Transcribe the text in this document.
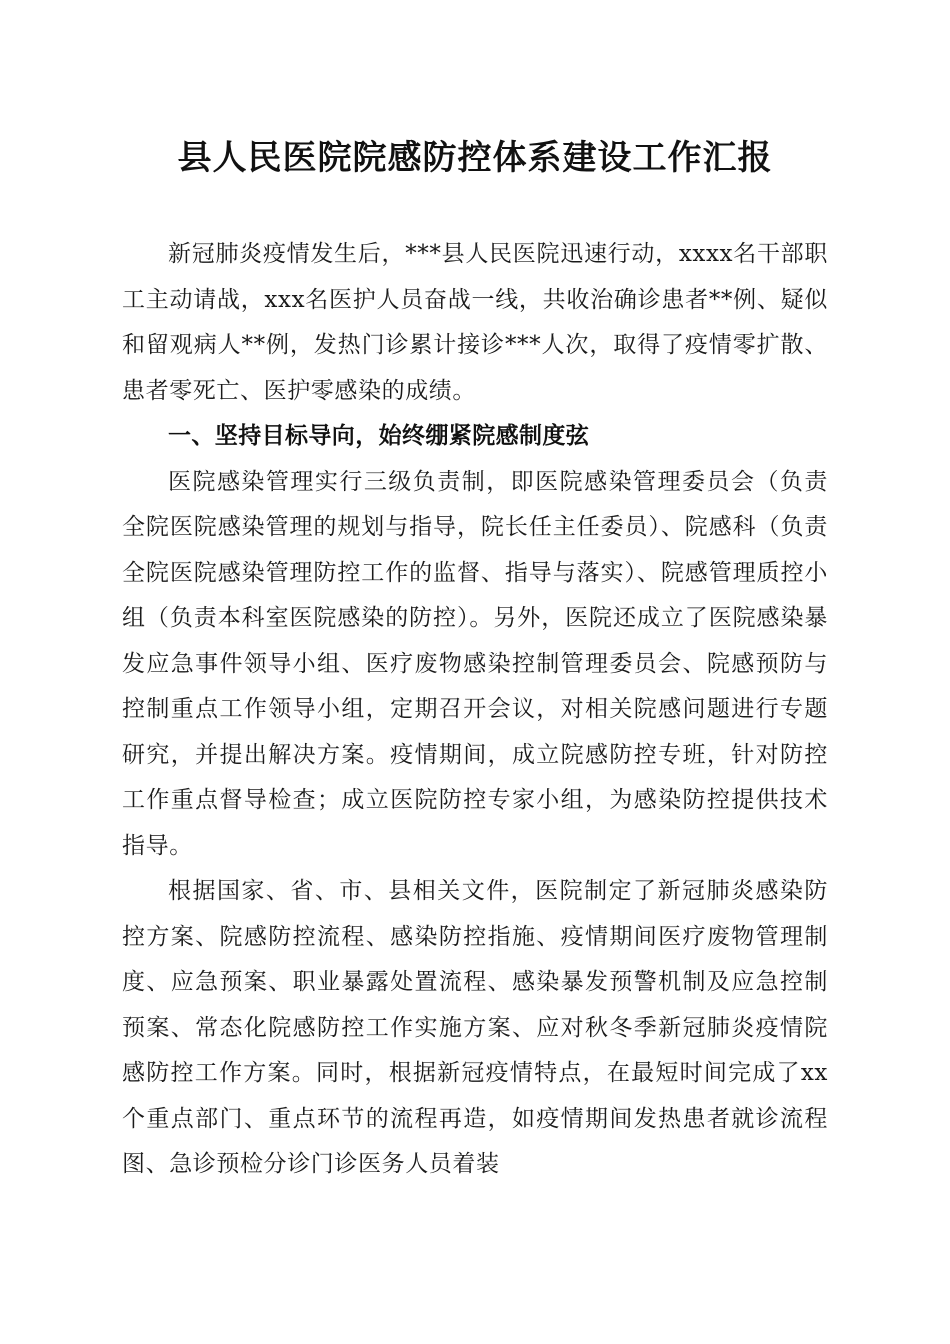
县人民医院院感防控体系建设工作汇报

新冠肺炎疫情发生后，***县人民医院迅速行动，xxxx名干部职工主动请战，xxx名医护人员奋战一线，共收治确诊患者**例、疑似和留观病人**例，发热门诊累计接诊***人次，取得了疫情零扩散、患者零死亡、医护零感染的成绩。

一、坚持目标导向，始终绷紧院感制度弦

医院感染管理实行三级负责制，即医院感染管理委员会（负责全院医院感染管理的规划与指导，院长任主任委员）、院感科（负责全院医院感染管理防控工作的监督、指导与落实）、院感管理质控小组（负责本科室医院感染的防控）。另外，医院还成立了医院感染暴发应急事件领导小组、医疗废物感染控制管理委员会、院感预防与控制重点工作领导小组，定期召开会议，对相关院感问题进行专题研究，并提出解决方案。疫情期间，成立院感防控专班，针对防控工作重点督导检查；成立医院防控专家小组，为感染防控提供技术指导。

根据国家、省、市、县相关文件，医院制定了新冠肺炎感染防控方案、院感防控流程、感染防控指施、疫情期间医疗废物管理制度、应急预案、职业暴露处置流程、感染暴发预警机制及应急控制预案、常态化院感防控工作实施方案、应对秋冬季新冠肺炎疫情院感防控工作方案。同时，根据新冠疫情特点，在最短时间完成了xx个重点部门、重点环节的流程再造，如疫情期间发热患者就诊流程图、急诊预检分诊门诊医务人员着装
